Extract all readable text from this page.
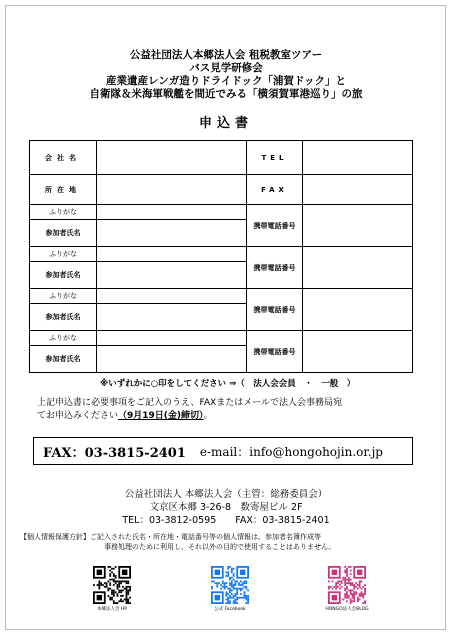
公益社団法人本郷法人会 租税教室ツアー
バス見学研修会
産業遺産レンガ造りドライドック「浦賀ドック」と
自衛隊＆米海軍戦艦を間近でみる「横須賀軍港巡り」の旅
申込書
会社名		TEL	
所在地		FAX	
ふりがな		携帯電話番号	
参加者氏名			
ふりがな		携帯電話番号	
参加者氏名			
ふりがな		携帯電話番号	
参加者氏名			
ふりがな		携帯電話番号	
参加者氏名			
※いずれかに○印をしてください ⇒（　法人会会員　・　一般　）
上記申込書に必要事項をご記入のうえ、FAXまたはメールで法人会事務局宛
てお申込みください（9月19日(金)締切）。
FAX：03-3815-2401 e-mail：info@hongohojin.or.jp
公益社団法人 本郷法人会（主管：総務委員会）
文京区本郷 3-26-8　数寄屋ビル 2F
TEL：03-3812-0595　　FAX：03-3815-2401
【個人情報保護方針】ご記入された氏名・所在地・電話番号等の個人情報は、参加者名簿作成等
事務処理のために利用し、それ以外の目的で使用することはありません。
本郷法人会 HP	公式 Facebook	HONGO法人会BLOG
